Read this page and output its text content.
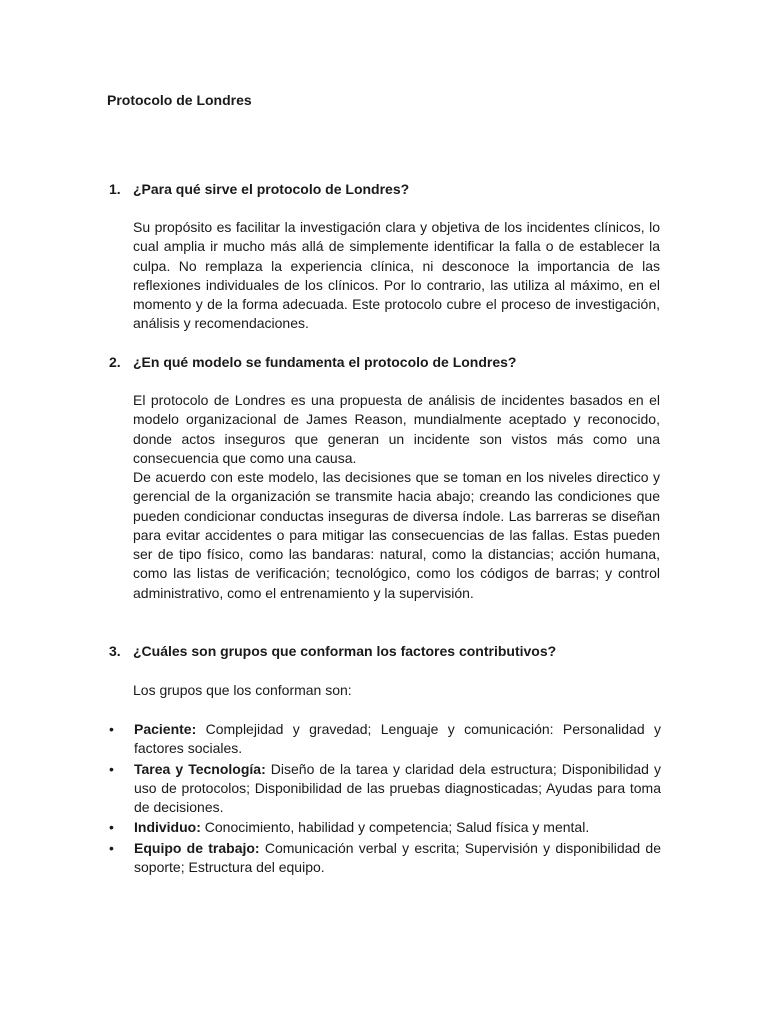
Protocolo de Londres

1. ¿Para qué sirve el protocolo de Londres?

Su propósito es facilitar la investigación clara y objetiva de los incidentes clínicos, lo cual amplia ir mucho más allá de simplemente identificar la falla o de establecer la culpa. No remplaza la experiencia clínica, ni desconoce la importancia de las reflexiones individuales de los clínicos. Por lo contrario, las utiliza al máximo, en el momento y de la forma adecuada. Este protocolo cubre el proceso de investigación, análisis y recomendaciones.

2. ¿En qué modelo se fundamenta el protocolo de Londres?

El protocolo de Londres es una propuesta de análisis de incidentes basados en el modelo organizacional de James Reason, mundialmente aceptado y reconocido, donde actos inseguros que generan un incidente son vistos más como una consecuencia que como una causa.

De acuerdo con este modelo, las decisiones que se toman en los niveles directico y gerencial de la organización se transmite hacia abajo; creando las condiciones que pueden condicionar conductas inseguras de diversa índole. Las barreras se diseñan para evitar accidentes o para mitigar las consecuencias de las fallas. Estas pueden ser de tipo físico, como las bandaras: natural, como la distancias; acción humana, como las listas de verificación; tecnológico, como los códigos de barras; y control administrativo, como el entrenamiento y la supervisión.

3. ¿Cuáles son grupos que conforman los factores contributivos?

Los grupos que los conforman son:

• Paciente: Complejidad y gravedad; Lenguaje y comunicación: Personalidad y factores sociales.
• Tarea y Tecnología: Diseño de la tarea y claridad dela estructura; Disponibilidad y uso de protocolos; Disponibilidad de las pruebas diagnosticadas; Ayudas para toma de decisiones.
• Individuo: Conocimiento, habilidad y competencia; Salud física y mental.
• Equipo de trabajo: Comunicación verbal y escrita; Supervisión y disponibilidad de soporte; Estructura del equipo.
